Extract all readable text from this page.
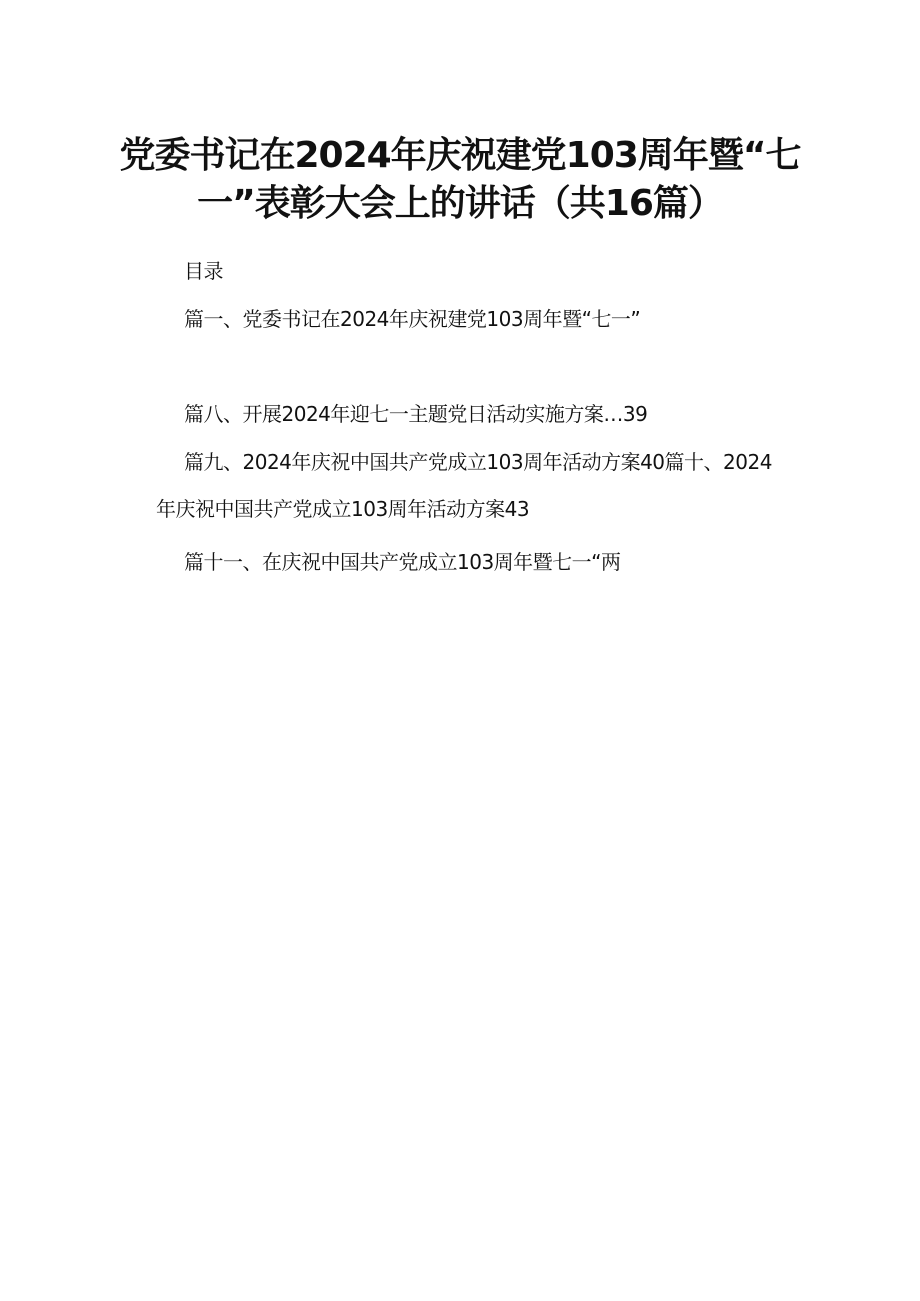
党委书记在2024年庆祝建党103周年暨“七
一”表彰大会上的讲话（共16篇）
目录
篇一、党委书记在2024年庆祝建党103周年暨“七一”
篇八、开展2024年迎七一主题党日活动实施方案…39
篇九、2024年庆祝中国共产党成立103周年活动方案40篇十、2024
年庆祝中国共产党成立103周年活动方案43
篇十一、在庆祝中国共产党成立103周年暨七一“两
